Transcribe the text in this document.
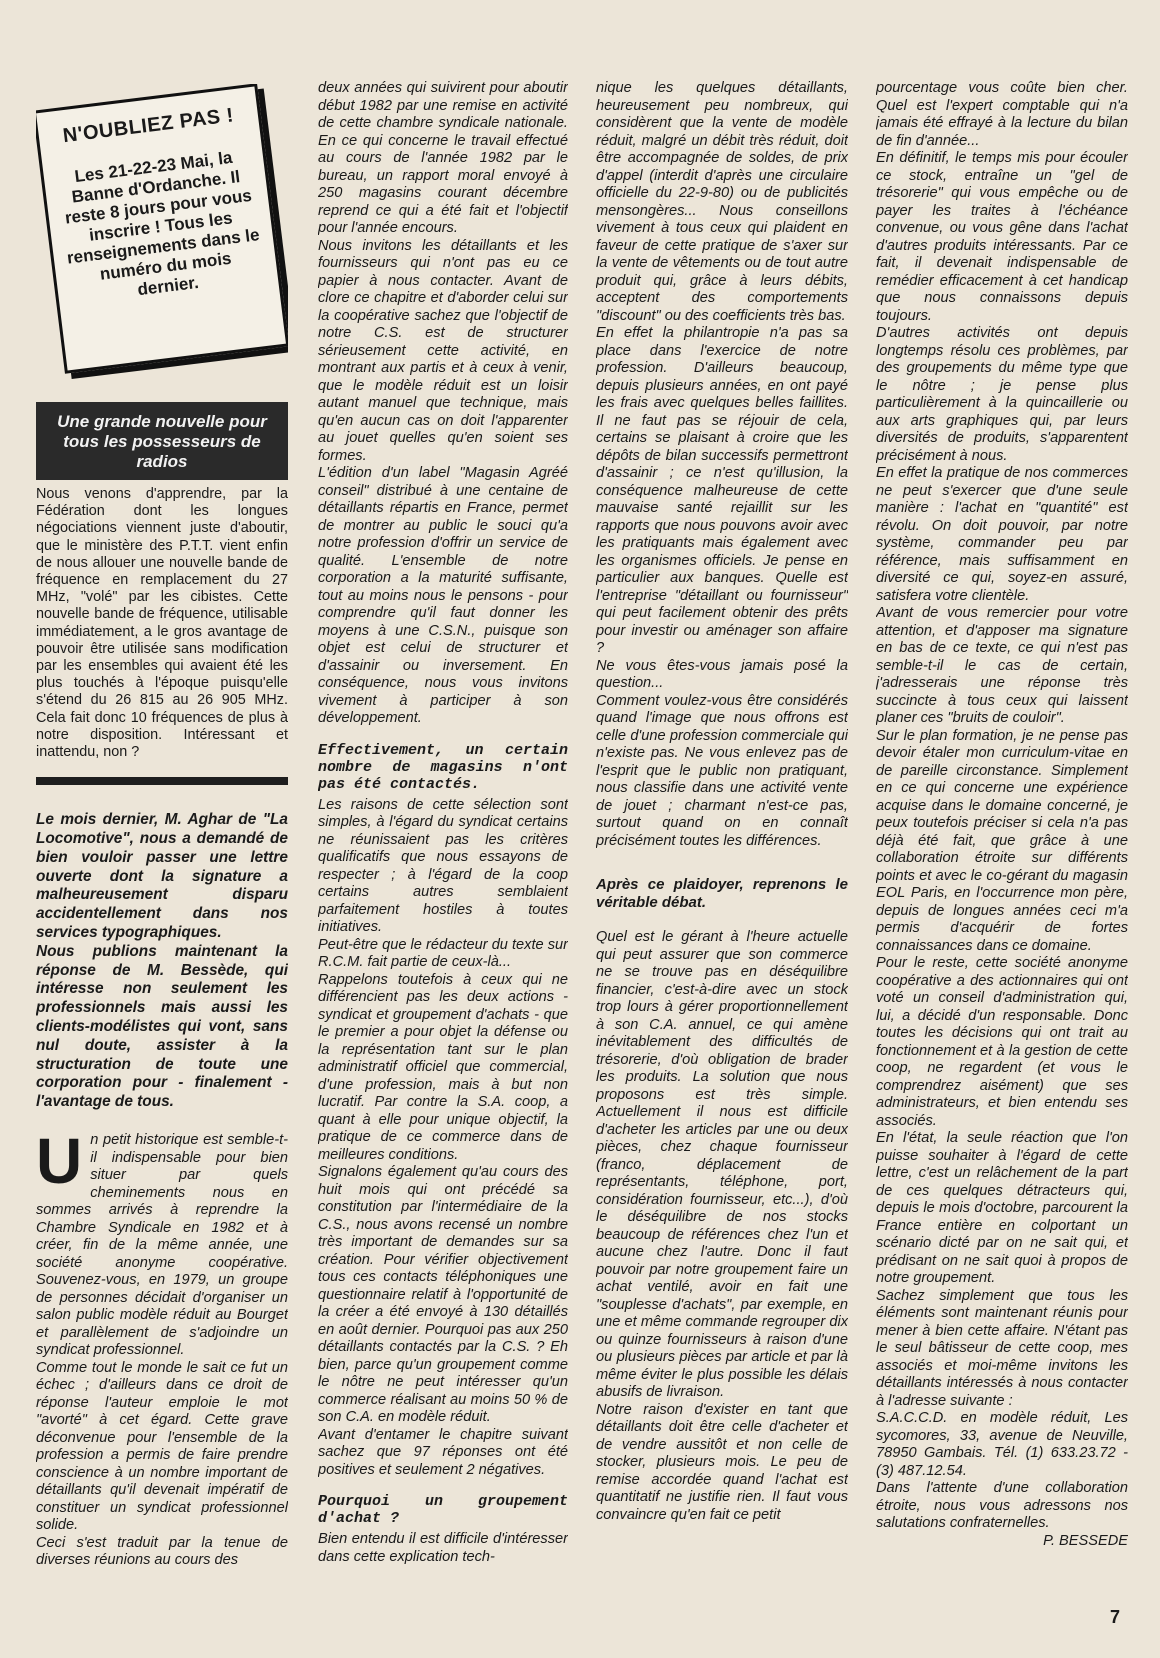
N'OUBLIEZ PAS !
Les 21-22-23 Mai, la Banne d'Ordanche. Il reste 8 jours pour vous inscrire ! Tous les renseignements dans le numéro du mois dernier.
Une grande nouvelle pour tous les possesseurs de radios

Nous venons d'apprendre, par la Fédération dont les longues négociations viennent juste d'aboutir, que le ministère des P.T.T. vient enfin de nous allouer une nouvelle bande de fréquence en remplacement du 27 MHz, "volé" par les cibistes. Cette nouvelle bande de fréquence, utilisable immédiatement, a le gros avantage de pouvoir être utilisée sans modification par les ensembles qui avaient été les plus touchés à l'époque puisqu'elle s'étend du 26 815 au 26 905 MHz. Cela fait donc 10 fréquences de plus à notre disposition. Intéressant et inattendu, non ?

Le mois dernier, M. Aghar de "La Locomotive", nous a demandé de bien vouloir passer une lettre ouverte dont la signature a malheureusement disparu accidentellement dans nos services typographiques.

Nous publions maintenant la réponse de M. Bessède, qui intéresse non seulement les professionnels mais aussi les clients-modélistes qui vont, sans nul doute, assister à la structuration de toute une corporation pour - finalement - l'avantage de tous.

U n petit historique est semble-t-il indispensable pour bien situer par quels cheminements nous en sommes arrivés à reprendre la Chambre Syndicale en 1982 et à créer, fin de la même année, une société anonyme coopérative. Souvenez-vous, en 1979, un groupe de personnes décidait d'organiser un salon public modèle réduit au Bourget et parallèlement de s'adjoindre un syndicat professionnel.

Comme tout le monde le sait ce fut un échec ; d'ailleurs dans ce droit de réponse l'auteur emploie le mot "avorté" à cet égard. Cette grave déconvenue pour l'ensemble de la profession a permis de faire prendre conscience à un nombre important de détaillants qu'il devenait impératif de constituer un syndicat professionnel solide.

Ceci s'est traduit par la tenue de diverses réunions au cours des

deux années qui suivirent pour aboutir début 1982 par une remise en activité de cette chambre syndicale nationale. En ce qui concerne le travail effectué au cours de l'année 1982 par le bureau, un rapport moral envoyé à 250 magasins courant décembre reprend ce qui a été fait et l'objectif pour l'année encours.

Nous invitons les détaillants et les fournisseurs qui n'ont pas eu ce papier à nous contacter. Avant de clore ce chapitre et d'aborder celui sur la coopérative sachez que l'objectif de notre C.S. est de structurer sérieusement cette activité, en montrant aux partis et à ceux à venir, que le modèle réduit est un loisir autant manuel que technique, mais qu'en aucun cas on doit l'apparenter au jouet quelles qu'en soient ses formes.

L'édition d'un label "Magasin Agréé conseil" distribué à une centaine de détaillants répartis en France, permet de montrer au public le souci qu'a notre profession d'offrir un service de qualité. L'ensemble de notre corporation a la maturité suffisante, tout au moins nous le pensons - pour comprendre qu'il faut donner les moyens à une C.S.N., puisque son objet est celui de structurer et d'assainir ou inversement. En conséquence, nous vous invitons vivement à participer à son développement.

Effectivement, un certain nombre de magasins n'ont pas été contactés.

Les raisons de cette sélection sont simples, à l'égard du syndicat certains ne réunissaient pas les critères qualificatifs que nous essayons de respecter ; à l'égard de la coop certains autres semblaient parfaitement hostiles à toutes initiatives.

Peut-être que le rédacteur du texte sur R.C.M. fait partie de ceux-là...

Rappelons toutefois à ceux qui ne différencient pas les deux actions - syndicat et groupement d'achats - que le premier a pour objet la défense ou la représentation tant sur le plan administratif officiel que commercial, d'une profession, mais à but non lucratif. Par contre la S.A. coop, a quant à elle pour unique objectif, la pratique de ce commerce dans de meilleures conditions.

Signalons également qu'au cours des huit mois qui ont précédé sa constitution par l'intermédiaire de la C.S., nous avons recensé un nombre très important de demandes sur sa création. Pour vérifier objectivement tous ces contacts téléphoniques une questionnaire relatif à l'opportunité de la créer a été envoyé à 130 détaillés en août dernier. Pourquoi pas aux 250 détaillants contactés par la C.S. ? Eh bien, parce qu'un groupement comme le nôtre ne peut intéresser qu'un commerce réalisant au moins 50 % de son C.A. en modèle réduit.

Avant d'entamer le chapitre suivant sachez que 97 réponses ont été positives et seulement 2 négatives.

Pourquoi un groupement d'achat ?

Bien entendu il est difficile d'intéresser dans cette explication tech-

nique les quelques détaillants, heureusement peu nombreux, qui considèrent que la vente de modèle réduit, malgré un débit très réduit, doit être accompagnée de soldes, de prix d'appel (interdit d'après une circulaire officielle du 22-9-80) ou de publicités mensongères... Nous conseillons vivement à tous ceux qui plaident en faveur de cette pratique de s'axer sur la vente de vêtements ou de tout autre produit qui, grâce à leurs débits, acceptent des comportements "discount" ou des coefficients très bas.

En effet la philantropie n'a pas sa place dans l'exercice de notre profession. D'ailleurs beaucoup, depuis plusieurs années, en ont payé les frais avec quelques belles faillites. Il ne faut pas se réjouir de cela, certains se plaisant à croire que les dépôts de bilan successifs permettront d'assainir ; ce n'est qu'illusion, la conséquence malheureuse de cette mauvaise santé rejaillit sur les rapports que nous pouvons avoir avec les pratiquants mais également avec les organismes officiels. Je pense en particulier aux banques. Quelle est l'entreprise "détaillant ou fournisseur" qui peut facilement obtenir des prêts pour investir ou aménager son affaire ?

Ne vous êtes-vous jamais posé la question...

Comment voulez-vous être considérés quand l'image que nous offrons est celle d'une profession commerciale qui n'existe pas. Ne vous enlevez pas de l'esprit que le public non pratiquant, nous classifie dans une activité vente de jouet ; charmant n'est-ce pas, surtout quand on en connaît précisément toutes les différences.

Après ce plaidoyer, reprenons le véritable débat.

Quel est le gérant à l'heure actuelle qui peut assurer que son commerce ne se trouve pas en déséquilibre financier, c'est-à-dire avec un stock trop lours à gérer proportionnellement à son C.A. annuel, ce qui amène inévitablement des difficultés de trésorerie, d'où obligation de brader les produits. La solution que nous proposons est très simple. Actuellement il nous est difficile d'acheter les articles par une ou deux pièces, chez chaque fournisseur (franco, déplacement de représentants, téléphone, port, considération fournisseur, etc...), d'où le déséquilibre de nos stocks beaucoup de références chez l'un et aucune chez l'autre. Donc il faut pouvoir par notre groupement faire un achat ventilé, avoir en fait une "souplesse d'achats", par exemple, en une et même commande regrouper dix ou quinze fournisseurs à raison d'une ou plusieurs pièces par article et par là même éviter le plus possible les délais abusifs de livraison.

Notre raison d'exister en tant que détaillants doit être celle d'acheter et de vendre aussitôt et non celle de stocker, plusieurs mois. Le peu de remise accordée quand l'achat est quantitatif ne justifie rien. Il faut vous convaincre qu'en fait ce petit

pourcentage vous coûte bien cher. Quel est l'expert comptable qui n'a jamais été effrayé à la lecture du bilan de fin d'année...

En définitif, le temps mis pour écouler ce stock, entraîne un "gel de trésorerie" qui vous empêche ou de payer les traites à l'échéance convenue, ou vous gêne dans l'achat d'autres produits intéressants. Par ce fait, il devenait indispensable de remédier efficacement à cet handicap que nous connaissons depuis toujours.

D'autres activités ont depuis longtemps résolu ces problèmes, par des groupements du même type que le nôtre ; je pense plus particulièrement à la quincaillerie ou aux arts graphiques qui, par leurs diversités de produits, s'apparentent précisément à nous.

En effet la pratique de nos commerces ne peut s'exercer que d'une seule manière : l'achat en "quantité" est révolu. On doit pouvoir, par notre système, commander peu par référence, mais suffisamment en diversité ce qui, soyez-en assuré, satisfera votre clientèle.

Avant de vous remercier pour votre attention, et d'apposer ma signature en bas de ce texte, ce qui n'est pas semble-t-il le cas de certain, j'adresserais une réponse très succincte à tous ceux qui laissent planer ces "bruits de couloir".

Sur le plan formation, je ne pense pas devoir étaler mon curriculum-vitae en de pareille circonstance. Simplement en ce qui concerne une expérience acquise dans le domaine concerné, je peux toutefois préciser si cela n'a pas déjà été fait, que grâce à une collaboration étroite sur différents points et avec le co-gérant du magasin EOL Paris, en l'occurrence mon père, depuis de longues années ceci m'a permis d'acquérir de fortes connaissances dans ce domaine.

Pour le reste, cette société anonyme coopérative a des actionnaires qui ont voté un conseil d'administration qui, lui, a décidé d'un responsable. Donc toutes les décisions qui ont trait au fonctionnement et à la gestion de cette coop, ne regardent (et vous le comprendrez aisément) que ses administrateurs, et bien entendu ses associés.

En l'état, la seule réaction que l'on puisse souhaiter à l'égard de cette lettre, c'est un relâchement de la part de ces quelques détracteurs qui, depuis le mois d'octobre, parcourent la France entière en colportant un scénario dicté par on ne sait qui, et prédisant on ne sait quoi à propos de notre groupement.

Sachez simplement que tous les éléments sont maintenant réunis pour mener à bien cette affaire. N'étant pas le seul bâtisseur de cette coop, mes associés et moi-même invitons les détaillants intéressés à nous contacter à l'adresse suivante :

S.A.C.C.D. en modèle réduit, Les sycomores, 33, avenue de Neuville, 78950 Gambais. Tél. (1) 633.23.72 - (3) 487.12.54.

Dans l'attente d'une collaboration étroite, nous vous adressons nos salutations confraternelles.

P. BESSEDE

7
